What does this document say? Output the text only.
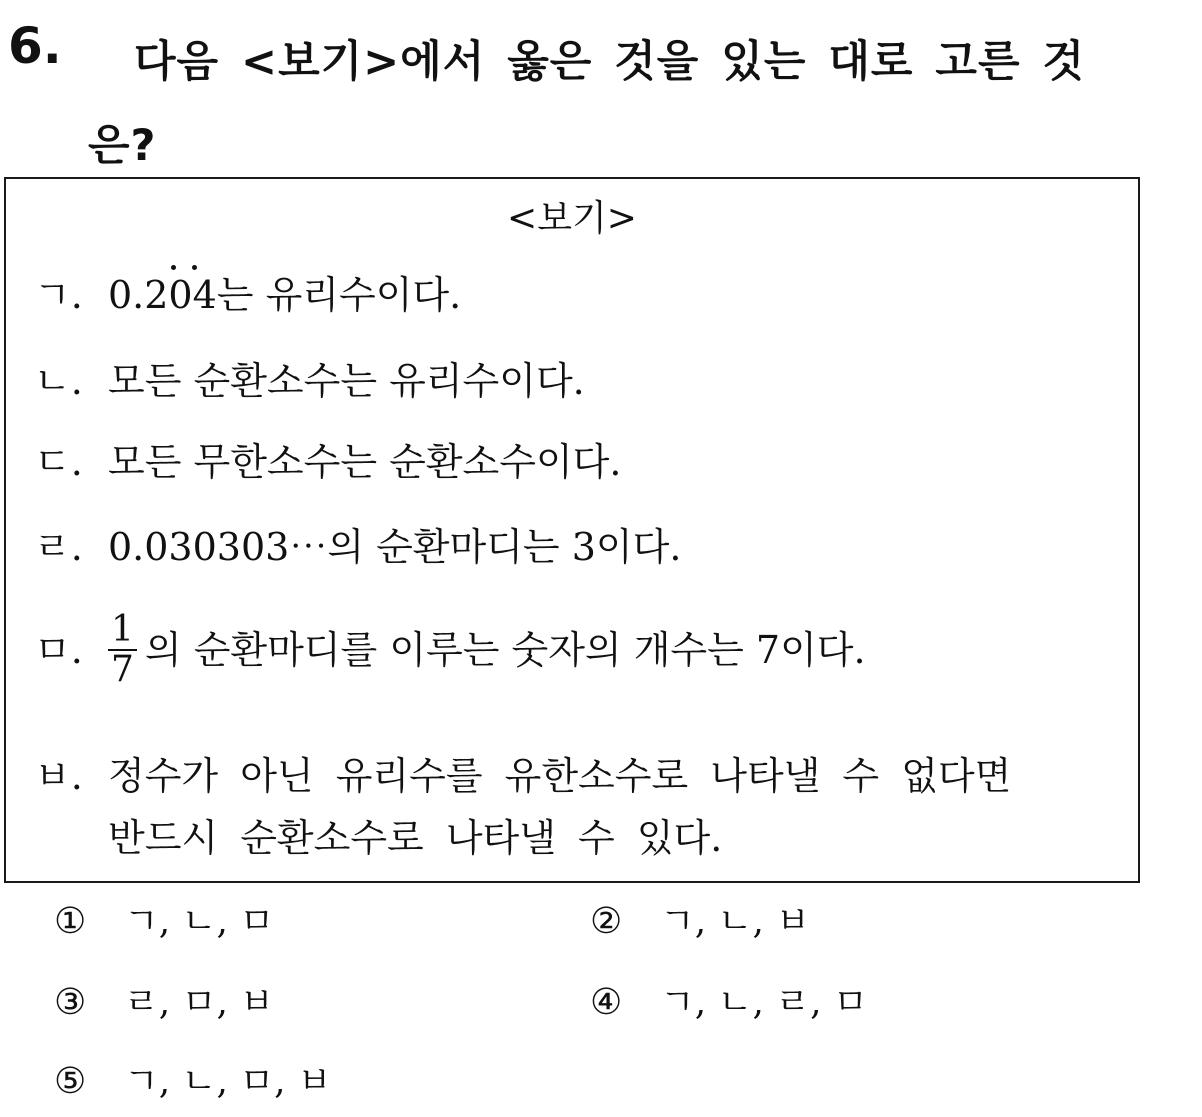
6.	다음 <보기>에서 옳은 것을 있는 대로 고른 것은?
<보기>
ㄱ. 0.204는 유리수이다.
ㄴ. 모든 순환소수는 유리수이다.
ㄷ. 모든 무한소수는 순환소수이다.
ㄹ. 0.030303⋯의 순환마디는 3이다.
ㅁ. $\frac{1}{7}$ 의 순환마디를 이루는 숫자의 개수는 7이다.
ㅂ. 정수가 아닌 유리수를 유한소수로 나타낼 수 없다면 반드시 순환소수로 나타낼 수 있다.
① ㄱ, ㄴ, ㅁ	② ㄱ, ㄴ, ㅂ
③ ㄹ, ㅁ, ㅂ	④ ㄱ, ㄴ, ㄹ, ㅁ
⑤ ㄱ, ㄴ, ㅁ, ㅂ
